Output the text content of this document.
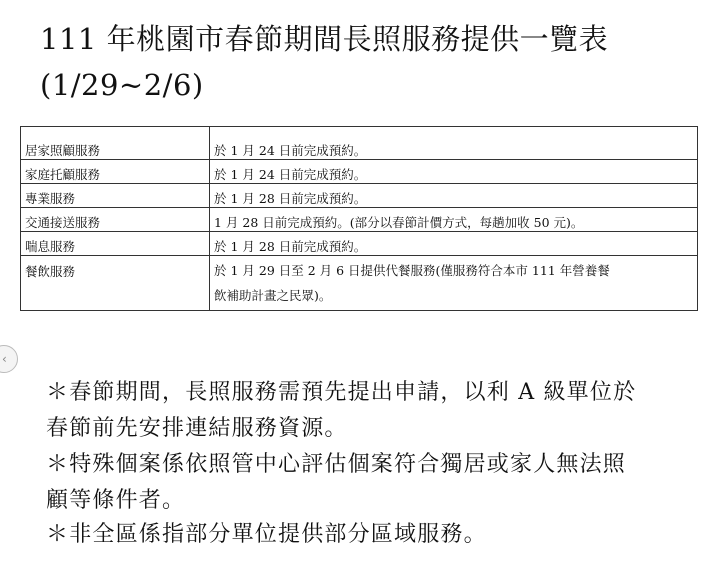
111 年桃園市春節期間長照服務提供一覽表
(1/29~2/6)
居家照顧服務	於 1 月 24 日前完成預約。
家庭托顧服務	於 1 月 24 日前完成預約。
專業服務	於 1 月 28 日前完成預約。
交通接送服務	1 月 28 日前完成預約。(部分以春節計價方式，每趟加收 50 元)。
喘息服務	於 1 月 28 日前完成預約。
餐飲服務	於 1 月 29 日至 2 月 6 日提供代餐服務(僅服務符合本市 111 年營養餐
飲補助計畫之民眾)。
‹
＊春節期間，長照服務需預先提出申請，以利 A 級單位於
春節前先安排連結服務資源。
＊特殊個案係依照管中心評估個案符合獨居或家人無法照
顧等條件者。
＊非全區係指部分單位提供部分區域服務。
